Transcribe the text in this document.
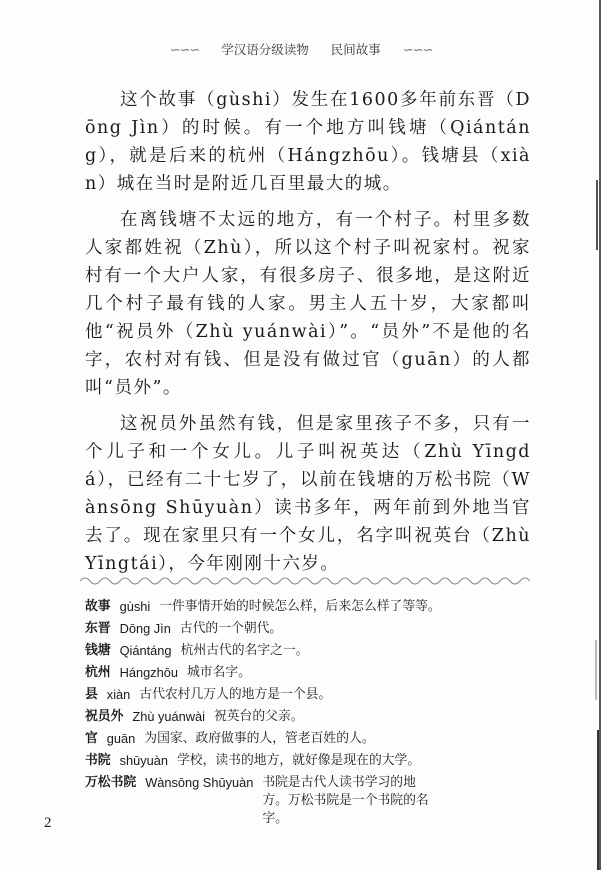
∽∽∽ 学汉语分级读物 民间故事 ∽∽∽

这个故事（gùshi）发生在1600多年前东晋（Dōng Jìn）的时候。有一个地方叫钱塘（Qiántáng），就是后来的杭州（Hángzhōu）。钱塘县（xiàn）城在当时是附近几百里最大的城。

在离钱塘不太远的地方，有一个村子。村里多数人家都姓祝（Zhù），所以这个村子叫祝家村。祝家村有一个大户人家，有很多房子、很多地，是这附近几个村子最有钱的人家。男主人五十岁，大家都叫他“祝员外（Zhù yuánwài）”。“员外”不是他的名字，农村对有钱、但是没有做过官（guān）的人都叫“员外”。

这祝员外虽然有钱，但是家里孩子不多，只有一个儿子和一个女儿。儿子叫祝英达（Zhù Yīngdá），已经有二十七岁了，以前在钱塘的万松书院（Wànsōng Shūyuàn）读书多年，两年前到外地当官去了。现在家里只有一个女儿，名字叫祝英台（Zhù Yīngtái），今年刚刚十六岁。

故事 gùshi 一件事情开始的时候怎么样，后来怎么样了等等。
东晋 Dōng Jìn 古代的一个朝代。
钱塘 Qiántáng 杭州古代的名字之一。
杭州 Hángzhōu 城市名字。
县 xiàn 古代农村几万人的地方是一个县。
祝员外 Zhù yuánwài 祝英台的父亲。
官 guān 为国家、政府做事的人，管老百姓的人。
书院 shūyuàn 学校，读书的地方，就好像是现在的大学。
万松书院 Wànsōng Shūyuàn 书院是古代人读书学习的地方。万松书院是一个书院的名字。
2
